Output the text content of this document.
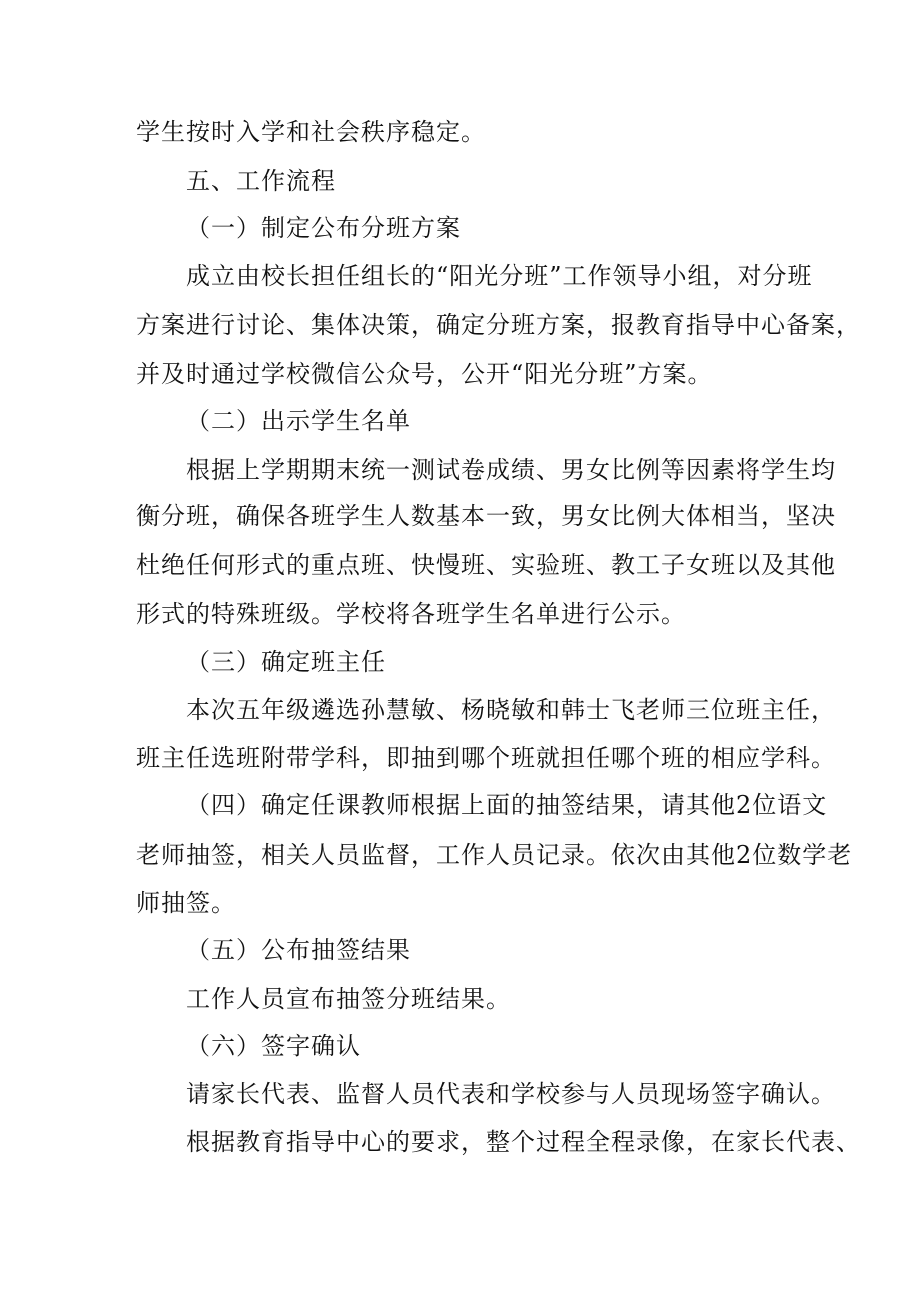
学生按时入学和社会秩序稳定。

五、工作流程

（一）制定公布分班方案

成立由校长担任组长的“阳光分班”工作领导小组，对分班

方案进行讨论、集体决策，确定分班方案，报教育指导中心备案，

并及时通过学校微信公众号，公开“阳光分班”方案。

（二）出示学生名单

根据上学期期末统一测试卷成绩、男女比例等因素将学生均

衡分班，确保各班学生人数基本一致，男女比例大体相当，坚决

杜绝任何形式的重点班、快慢班、实验班、教工子女班以及其他

形式的特殊班级。学校将各班学生名单进行公示。

（三）确定班主任

本次五年级遴选孙慧敏、杨晓敏和韩士飞老师三位班主任，

班主任选班附带学科，即抽到哪个班就担任哪个班的相应学科。

（四）确定任课教师根据上面的抽签结果，请其他2位语文

老师抽签，相关人员监督，工作人员记录。依次由其他2位数学老

师抽签。

（五）公布抽签结果

工作人员宣布抽签分班结果。

（六）签字确认

请家长代表、监督人员代表和学校参与人员现场签字确认。

根据教育指导中心的要求，整个过程全程录像，在家长代表、
